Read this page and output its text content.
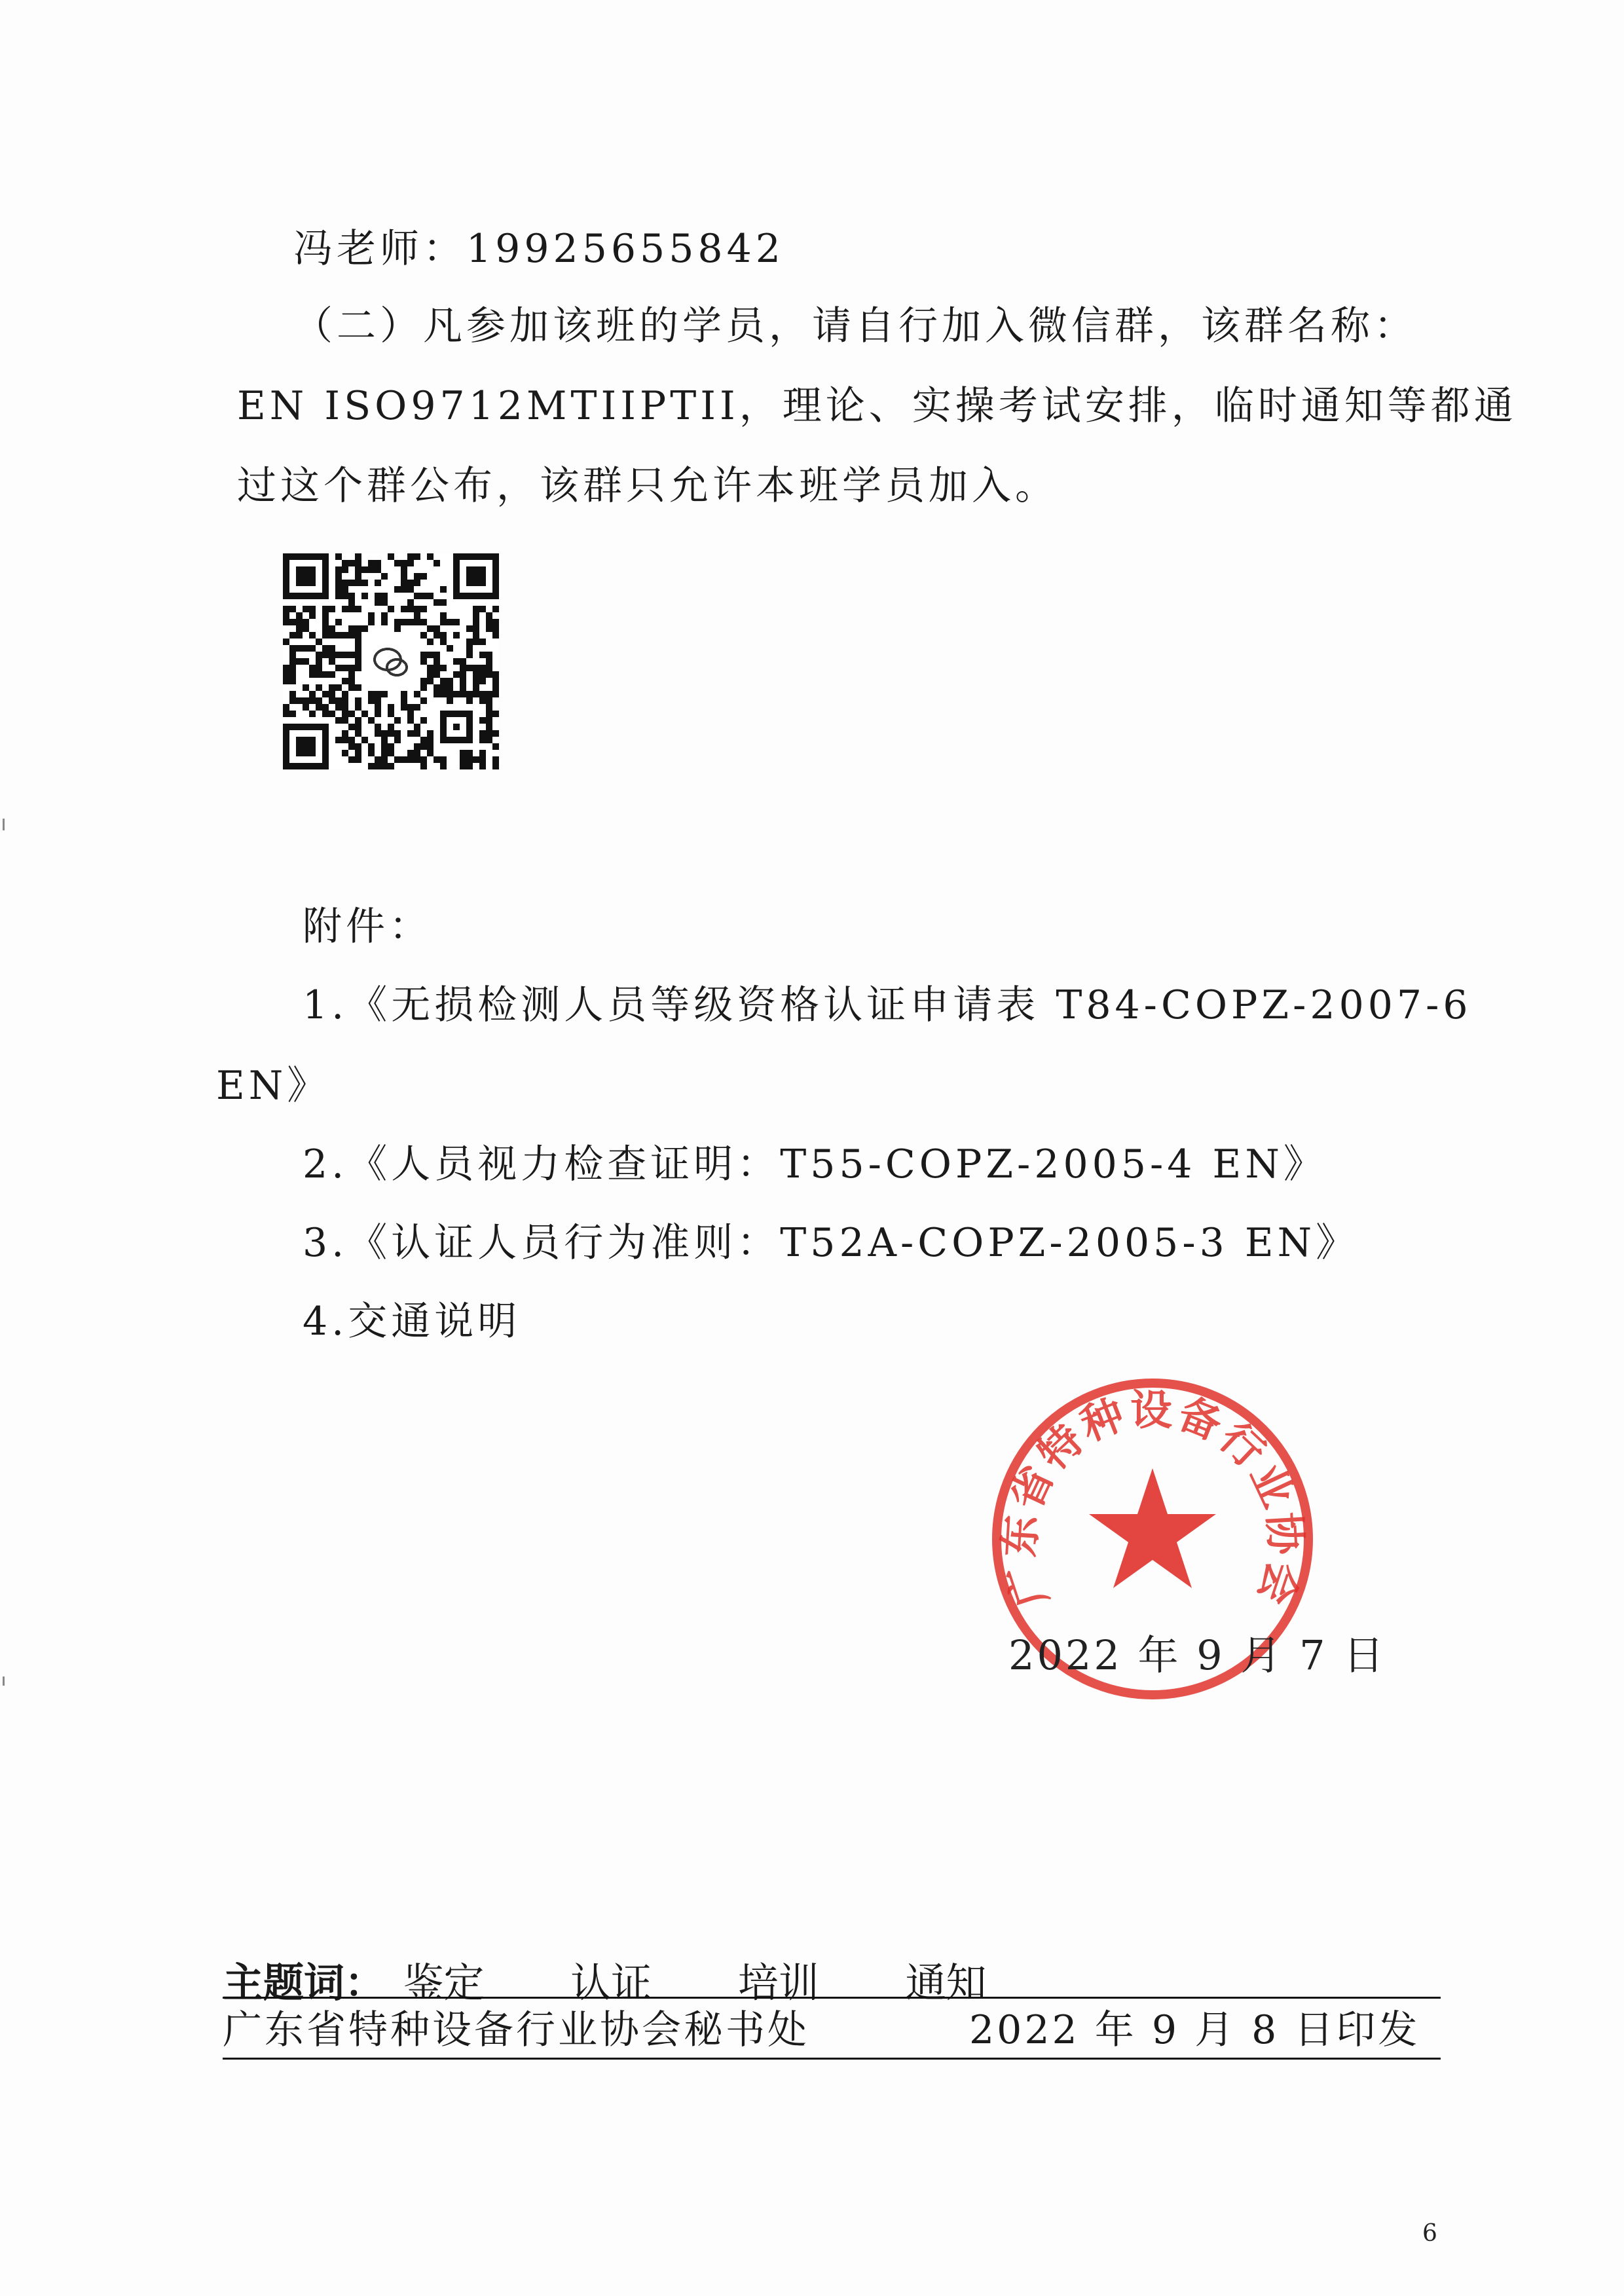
冯老师：19925655842
（二）凡参加该班的学员，请自行加入微信群，该群名称：
EN ISO9712MTIIPTII，理论、实操考试安排，临时通知等都通
过这个群公布，该群只允许本班学员加入。
附件：
1.《无损检测人员等级资格认证申请表 T84-COPZ-2007-6
EN》
2.《人员视力检查证明：T55-COPZ-2005-4 EN》
3.《认证人员行为准则：T52A-COPZ-2005-3 EN》
4.交通说明
广东省特种设备行业协会
2022 年 9 月 7 日
主题词： 鉴定 认证 培训 通知
广东省特种设备行业协会秘书处	2022 年 9 月 8 日印发
6
